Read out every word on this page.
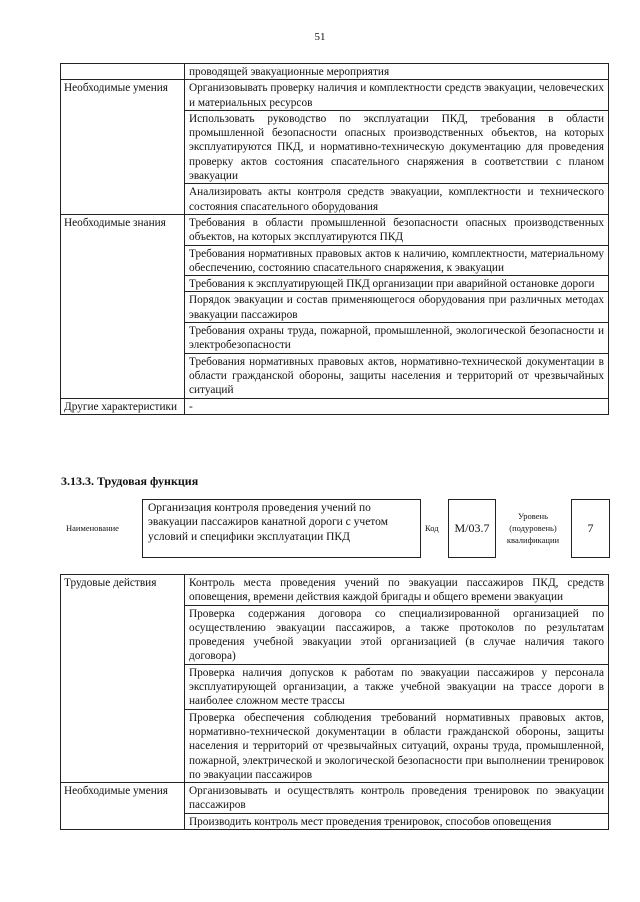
51
	проводящей эвакуационные мероприятия
Необходимые умения	Организовывать проверку наличия и комплектности средств эвакуации, человеческих и материальных ресурсов
	Использовать руководство по эксплуатации ПКД, требования в области промышленной безопасности опасных производственных объектов, на которых эксплуатируются ПКД, и нормативно-техническую документацию для проведения проверку актов состояния спасательного снаряжения в соответствии с планом эвакуации
	Анализировать акты контроля средств эвакуации, комплектности и технического состояния спасательного оборудования
Необходимые знания	Требования в области промышленной безопасности опасных производственных объектов, на которых эксплуатируются ПКД
	Требования нормативных правовых актов к наличию, комплектности, материальному обеспечению, состоянию спасательного снаряжения, к эвакуации
	Требования к эксплуатирующей ПКД организации при аварийной остановке дороги
	Порядок эвакуации и состав применяющегося оборудования при различных методах эвакуации пассажиров
	Требования охраны труда, пожарной, промышленной, экологической безопасности и электробезопасности
	Требования нормативных правовых актов, нормативно-технической документации в области гражданской обороны, защиты населения и территорий от чрезвычайных ситуаций
Другие характеристики	-
3.13.3. Трудовая функция
Наименование
Организация контроля проведения учений по эвакуации пассажиров канатной дороги с учетом условий и специфики эксплуатации ПКД
Код	М/03.7
Уровень (подуровень) квалификации
7
Трудовые действия	Контроль места проведения учений по эвакуации пассажиров ПКД, средств оповещения, времени действия каждой бригады и общего времени эвакуации
	Проверка содержания договора со специализированной организацией по осуществлению эвакуации пассажиров, а также протоколов по результатам проведения учебной эвакуации этой организацией (в случае наличия такого договора)
	Проверка наличия допусков к работам по эвакуации пассажиров у персонала эксплуатирующей организации, а также учебной эвакуации на трассе дороги в наиболее сложном месте трассы
	Проверка обеспечения соблюдения требований нормативных правовых актов, нормативно-технической документации в области гражданской обороны, защиты населения и территорий от чрезвычайных ситуаций, охраны труда, промышленной, пожарной, электрической и экологической безопасности при выполнении тренировок по эвакуации пассажиров
Необходимые умения	Организовывать и осуществлять контроль проведения тренировок по эвакуации пассажиров
	Производить контроль мест проведения тренировок, способов оповещения
